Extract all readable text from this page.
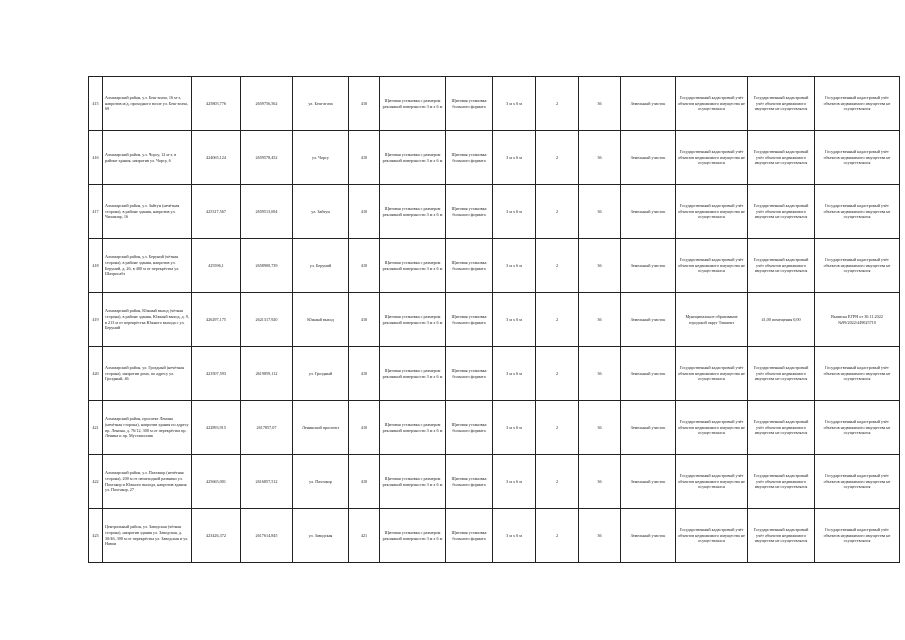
415	Алмазарский район, у.з. Беш-агача, 16 м-з, напротив м/д, проходного возле ул. Беш-агача, 69	425805,776	2659756,562	ул. Беш-агача	410	Щитовая установка с размером рекламной поверхности 3 м х 6 м	Щитовая установка большого формата	3 м х 6 м	2	36	Земельный участок	Государственный кадастровый учёт объектов недвижимого имущества не осуществлялся	Государственный кадастровый учёт объектов недвижимого имущества не осуществлялся	Государственный кадастровый учёт объектов недвижимого имущества не осуществлялся
416	Алмазарский район, у.з. Чорсу, 12 м-з, в районе здания, напротив ул. Чорсу, 6	424065,124	2659578,452	ул. Чорсу	410	Щитовая установка с размером рекламной поверхности 3 м х 6 м	Щитовая установка большого формата	3 м х 6 м	2	36	Земельный участок	Государственный кадастровый учёт объектов недвижимого имущества не осуществлялся	Государственный кадастровый учёт объектов недвижимого имущества не осуществлялся	Государственный кадастровый учёт объектов недвижимого имущества не осуществлялся
417	Алмазарский район, у.з. Зайтун (нечётная сторона), в районе здания, напротив ул. Чиланзар, 16	425317,567	2659513,694	ул. Зайтун	410	Щитовая установка с размером рекламной поверхности 3 м х 6 м	Щитовая установка большого формата	3 м х 6 м	2	36	Земельный участок	Государственный кадастровый учёт объектов недвижимого имущества не осуществлялся	Государственный кадастровый учёт объектов недвижимого имущества не осуществлялся	Государственный кадастровый учёт объектов недвижимого имущества не осуществлялся
418	Алмазарский район, у.з. Беруний (чётная сторона), в районе здания, напротив ул. Беруний, д. 26, в 400 м от перекрёстка ул. Шахрисабз	425596,1	2658900,739	ул. Беруний	410	Щитовая установка с размером рекламной поверхности 3 м х 6 м	Щитовая установка большого формата	3 м х 6 м	2	36	Земельный участок	Государственный кадастровый учёт объектов недвижимого имущества не осуществлялся	Государственный кадастровый учёт объектов недвижимого имущества не осуществлялся	Государственный кадастровый учёт объектов недвижимого имущества не осуществлялся
419	Алмазарский район, Южный выход (чётная сторона), в районе здания, Южный выход, д. 9, в 213 м от перекрёстка Южного выхода с ул. Беруний	426297,175	2621317,920	Южный выход	410	Щитовая установка с размером рекламной поверхности 3 м х 6 м	Щитовая установка большого формата	3 м х 6 м	2	36	Земельный участок	Муниципальное образование городской округ Ташкент	41,00 помещения 0,00	Выписка ЕГРН от 30.11.2022 №99/2022/449025710
420	Алмазарский район, ул. Гроздный (нечётная сторона), напротив дома, по адресу ул. Гроздный, 46	423507,593	2619859,112	ул. Гроздный	410	Щитовая установка с размером рекламной поверхности 3 м х 6 м	Щитовая установка большого формата	3 м х 6 м	2	36	Земельный участок	Государственный кадастровый учёт объектов недвижимого имущества не осуществлялся	Государственный кадастровый учёт объектов недвижимого имущества не осуществлялся	Государственный кадастровый учёт объектов недвижимого имущества не осуществлялся
421	Алмазарский район, проспект Ленина (нечётная сторона), напротив здания по адресу пр. Ленина, д. 76/12, 300 м от перекрёстка пр. Ленина и пр. Мустакиллик	422893,915	2617857,07	Ленинский проспект	410	Щитовая установка с размером рекламной поверхности 3 м х 6 м	Щитовая установка большого формата	3 м х 6 м	2	36	Земельный участок	Государственный кадастровый учёт объектов недвижимого имущества не осуществлялся	Государственный кадастровый учёт объектов недвижимого имущества не осуществлялся	Государственный кадастровый учёт объектов недвижимого имущества не осуществлялся
422	Алмазарский район, у.з. Пахтакор (нечётная сторона), 200 м от пешеходной развязки ул. Пахтакор и Южного выхода, напротив здания ул. Пахтакор, 27	425665,001	2616857,512	ул. Пахтакор	410	Щитовая установка с размером рекламной поверхности 3 м х 6 м	Щитовая установка большого формата	3 м х 6 м	2	36	Земельный участок	Государственный кадастровый учёт объектов недвижимого имущества не осуществлялся	Государственный кадастровый учёт объектов недвижимого имущества не осуществлялся	Государственный кадастровый учёт объектов недвижимого имущества не осуществлялся
423	Центральный район, ул. Заводская (чётная сторона), напротив здания ул. Заводская, д. 30/46, 300 м от перекрёстка ул. Заводская и ул. Навои	423426,372	2617614,845	ул. Заводская	421	Щитовая установка с размером рекламной поверхности 3 м х 6 м	Щитовая установка большого формата	3 м х 6 м	2	36	Земельный участок	Государственный кадастровый учёт объектов недвижимого имущества не осуществлялся	Государственный кадастровый учёт объектов недвижимого имущества не осуществлялся	Государственный кадастровый учёт объектов недвижимого имущества не осуществлялся
